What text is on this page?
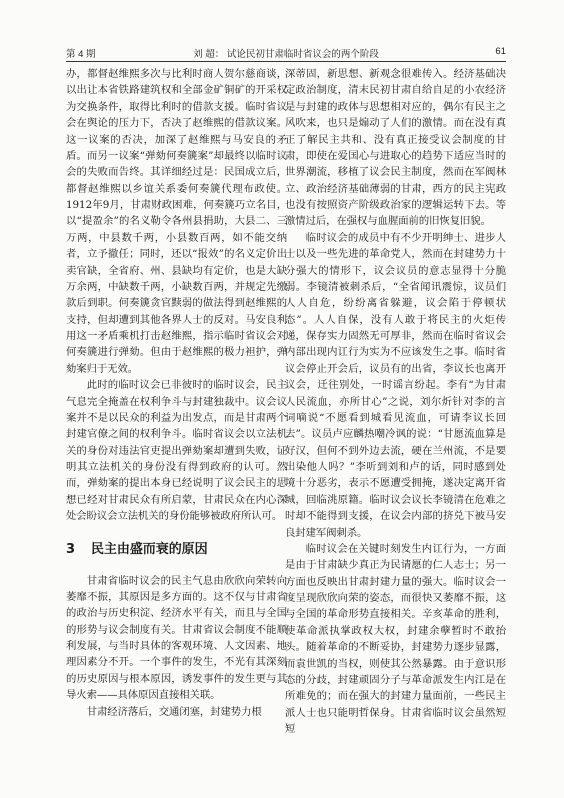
第 4 期	刘 超： 试论民初甘肃临时省议会的两个阶段	61

办，都督赵维熙多次与比利时商人贺尔慈商谈，以出让本省铁路建筑权和全部金矿铜矿的开采权为交换条件，取得比利时的借款支援。临时省议会在舆论的压力下，否决了赵维熙的借款议案。这一议案的否决，加深了赵维熙与马安良的矛盾。而另一议案“弹劾何奏篪案”却最终以临时议会的失败而告终。其详细经过是：民国成立后，都督赵维熙以乡谊关系委何奏篪代理布政使。1912年9月，甘肃财政困难，何奏篪巧立名目，以“提盈余”的名义勒令各州县捐助，大县二、三万两，中县数千两，小县数百两，如不能交纳者，立予撤任；同时，还以“报效”的名义定价出卖官缺，全省府、州、县缺均有定价，也是大缺万余两，中缺数千两，小缺数百两，并规定先缴款后到职。何奏篪贪官黩弱的做法得到赵维熙的支持，但却遭到其他各界人士的反对。马安良利用这一矛盾乘机打击赵维熙，指示临时省议会对何奏篪进行弹劾。但由于赵维熙的极力袒护，弹劾案归于无效。

此时的临时议会已非彼时的临时议会，民主气息完全掩盖在权利争斗与封建独裁中。议会议案并不是以民众的利益为出发点，而是甘肃两个封建官僚之间的权利争斗。临时省议会以立法机关的身份对违法官吏提出弹劾案却遭到失败，证明其立法机关的身份没有得到政府的认可。然而，弹劾案的提出本身已经说明了议会民主的思想已经对甘肃民众有所启蒙，甘肃民众在内心深处会盼议会立法机关的身份能够被政府所认可。

3 民主由盛而衰的原因

甘肃省临时议会的民主气息由欣欣向荣转向萎靡不振，其原因是多方面的。这不仅与甘肃省的政治与历史积淀、经济水平有关，而且与全国的形势与议会制度有关。甘肃省议会制度不能顺利发展，与当时具体的客观环境、人文因素、地理因素分不开。一个事件的发生，不光有其深刻的历史原因与根本原因，诱发事件的发生更与其导火索——具体原因直接相关联。

甘肃经济落后，交通闭塞，封建势力根

深蒂固，新思想、新观念很难传入。经济基础决定政治制度，清末民初甘肃自给自足的小农经济是与封建的政体与思想相对应的，偶尔有民主之风吹来，也只是煽动了人们的激情。而在没有真正了解民主共和、没有真正接受议会制度的甘肃，即使在爱国心与进取心的趋势下适应当时的世界潮流，移植了议会民主制度，然而在军阀林立、政治经济基础薄弱的甘肃，西方的民主宪政也没有按照资产阶级政治家的逻辑运转下去。等激情过后，在强权与血腥面前的旧恢复旧貌。

临时议会的成员中有不少开明绅士、进步人士以及一些先进的革命党人，然而在封建势力十分强大的情形下，议会议员的意志显得十分脆弱。李镜清被刺杀后，“全省闻讯震惊，议员们人人自危，纷纷离省躲避，议会陷于停顿状态”。人人自保，没有人敢于将民主的火炬传递，保存实力固然无可厚非，然而在临时省议会内部出现内讧行为实为不应该发生之事。临时省议会停止开会后，议员有的出省，李议长也离开议会，迁往别处，一时谣言纷起。李有“为甘肃人民流血，亦所甘心”之说，刘尔炘针对李的言词嘀说“不愿看到城看见流血，可请李议长回去”。议员卢应麟热嘲冷讽的说：“甘愿流血算是好汉，但何不到外边去流，硬在兰州流，不是要出染他人吗？”李听到刘和卢的话，同时感到处境十分恶劣，表示不愿遭受拥掩，遂决定离开省城，回临洮原籍。临时议会议长李镜清在危难之时却不能得到支援，在议会内部的挤兑下被马安良封建军阀刺杀。

临时议会在关键时刻发生内讧行为，一方面是由于甘肃缺少真正为民请愿的仁人志士；另一方面也反映出甘肃封建力量的强大。临时议会一度呈现欣欣向荣的姿态，而很快又萎靡不振，这与全国的革命形势直接相关。辛亥革命的胜利，使革命派执掌政权大权，封建余孽暂时不敢抬头。随着革命的不断妥协，封建势力逐步显露，而袁世凯的当权，则使其公然暴露。由于意识形态的分歧，封建顽固分子与革命派发生内江是在所难免的；而在强大的封建力量面前，一些民主派人士也只能明哲保身。甘肃省临时议会虽然短短
